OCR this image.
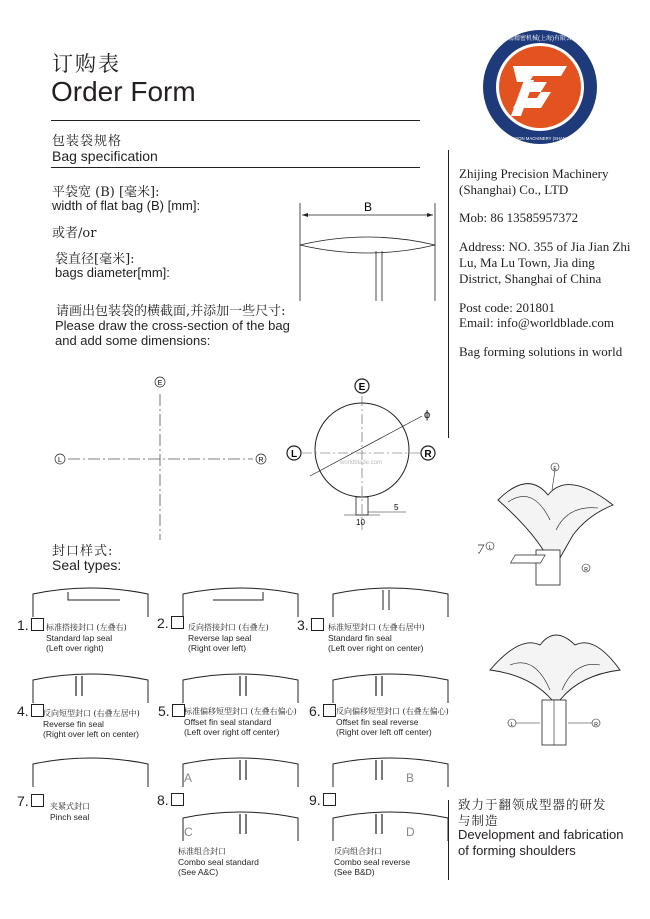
订购表
Order Form
包装袋规格
Bag specification
平袋宽 (B) [毫米]:
width of flat bag (B) [mm]:
或者/or
袋直径[毫米]:
bags diameter[mm]:
请画出包装袋的横截面,并添加一些尺寸:
Please draw the cross-section of the bag
and add some dimensions:
B
E
L	R
E
ϕ
L	R
worldblade.com
5
10
知精精密机械(上海)有限公司
ZHIJING PRECISION MACHINERY (SHANGHAI) CO., LTD
Zhijing Precision Machinery
(Shanghai) Co., LTD
Mob: 86 13585957372
Address: NO. 355 of Jia Jian Zhi
Lu, Ma Lu Town, Jia ding
District, Shanghai of China
Post code: 201801
Email: info@worldblade.com
Bag forming solutions in world
E
L
R
L	R
封口样式:
Seal types:
1.	标准搭接封口 (左叠右)
Standard lap seal
(Left over right)
2.	反向搭接封口 (右叠左)
Reverse lap seal
(Right over left)
3.	标准短型封口 (左叠右居中)
Standard fin seal
(Left over right on center)
4.	反向短型封口 (右叠左居中)
Reverse fin seal
(Right over left on center)
5.	标准偏移短型封口 (左叠右偏心)
Offset fin seal standard
(Left over right off center)
6.	反向偏移短型封口 (右叠左偏心)
Offset fin seal reverse
(Right over left off center)
A	B
7.	夹紧式封口
Pinch seal
8.	9.
C	D
标准组合封口
Combo seal standard
(See A&C)
反向组合封口
Combo seal reverse
(See B&D)
致力于翻领成型器的研发
与制造
Development and fabrication
of forming shoulders
